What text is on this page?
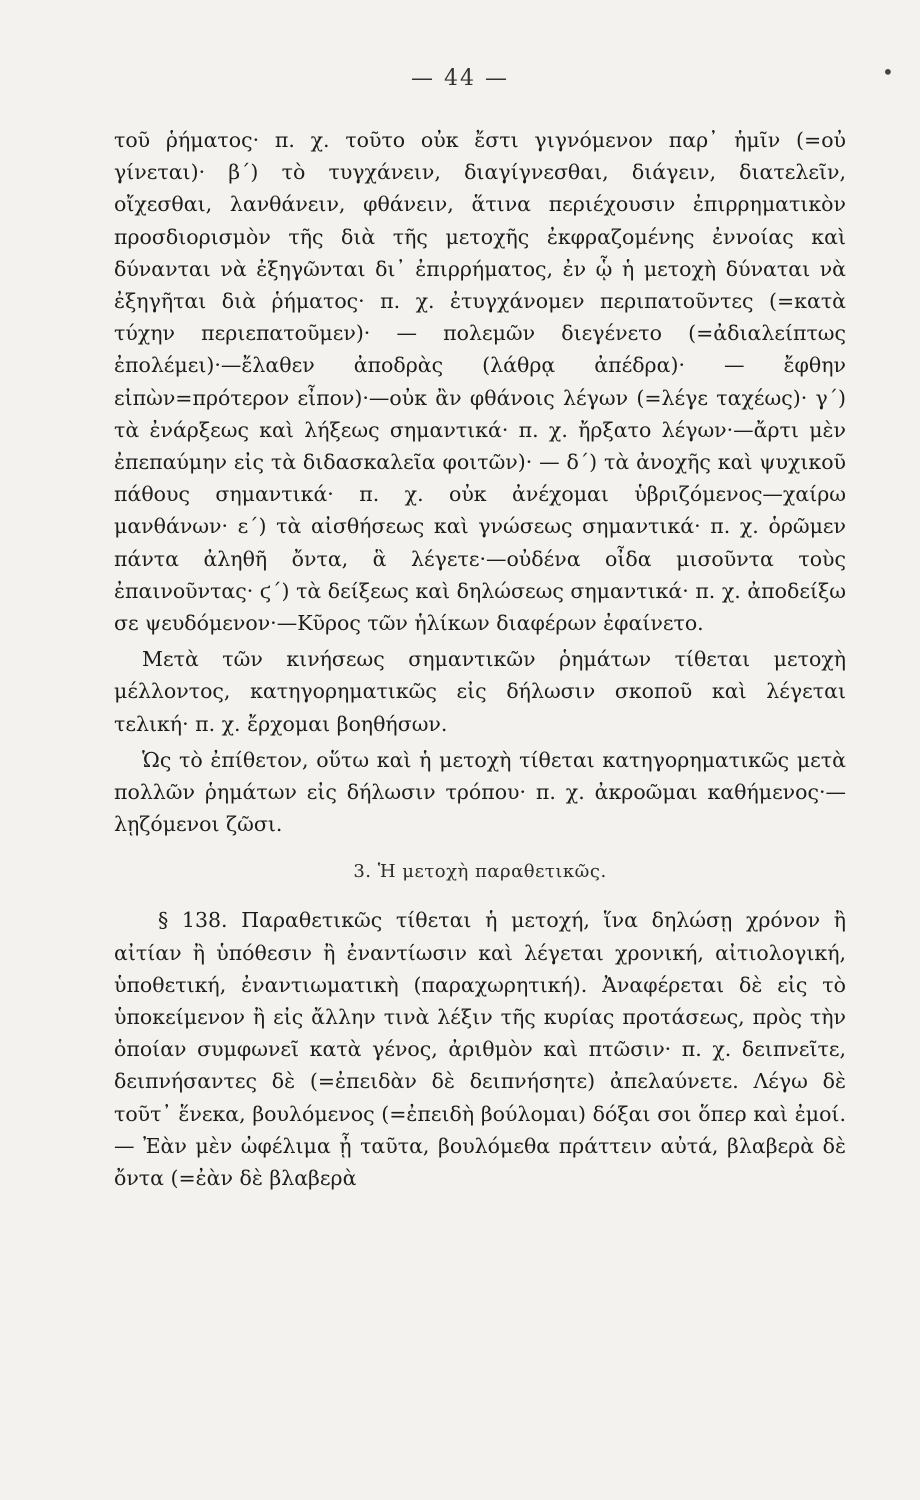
— 44 —	•

τοῦ ῥήματος· π. χ. τοῦτο οὐκ ἔστι γιγνόμενον παρ᾽ ἡμῖν (=οὐ γίνεται)· β΄) τὸ τυγχάνειν, διαγίγνεσθαι, διάγειν, διατελεῖν, οἴχεσθαι, λανθάνειν, φθάνειν, ἅτινα περιέχουσιν ἐπιρρηματικὸν προσδιορισμὸν τῆς διὰ τῆς μετοχῆς ἐκφραζομένης ἐννοίας καὶ δύνανται νὰ ἐξηγῶνται δι᾽ ἐπιρρήματος, ἐν ᾧ ἡ μετοχὴ δύναται νὰ ἐξηγῆται διὰ ῥήματος· π. χ. ἐτυγχάνομεν περιπατοῦντες (=κατὰ τύχην περιεπατοῦμεν)· — πολεμῶν διεγένετο (=ἀδιαλείπτως ἐπολέμει)·—ἔλαθεν ἀποδρὰς (λάθρᾳ ἀπέδρα)· — ἔφθην εἰπὼν=πρότερον εἶπον)·—οὐκ ἂν φθάνοις λέγων (=λέγε ταχέως)· γ΄) τὰ ἐνάρξεως καὶ λήξεως σημαντικά· π. χ. ἤρξατο λέγων·—ἄρτι μὲν ἐπεπαύμην εἰς τὰ διδασκαλεῖα φοιτῶν)· — δ΄) τὰ ἀνοχῆς καὶ ψυχικοῦ πάθους σημαντικά· π. χ. οὐκ ἀνέχομαι ὑβριζόμενος—χαίρω μανθάνων· ε΄) τὰ αἰσθήσεως καὶ γνώσεως σημαντικά· π. χ. ὁρῶμεν πάντα ἀληθῆ ὄντα, ἃ λέγετε·—οὐδένα οἶδα μισοῦντα τοὺς ἐπαινοῦντας· ϛ΄) τὰ δείξεως καὶ δηλώσεως σημαντικά· π. χ. ἀποδείξω σε ψευδόμενον·—Κῦρος τῶν ἡλίκων διαφέρων ἐφαίνετο.

Μετὰ τῶν κινήσεως σημαντικῶν ῥημάτων τίθεται μετοχὴ μέλλοντος, κατηγορηματικῶς εἰς δήλωσιν σκοποῦ καὶ λέγεται τελική· π. χ. ἔρχομαι βοηθήσων.

Ὡς τὸ ἐπίθετον, οὕτω καὶ ἡ μετοχὴ τίθεται κατηγορηματικῶς μετὰ πολλῶν ῥημάτων εἰς δήλωσιν τρόπου· π. χ. ἀκροῶμαι καθήμενος·—λῃζόμενοι ζῶσι.

3. Ἡ μετοχὴ παραθετικῶς.

§ 138. Παραθετικῶς τίθεται ἡ μετοχή, ἵνα δηλώσῃ χρόνον ἢ αἰτίαν ἢ ὑπόθεσιν ἢ ἐναντίωσιν καὶ λέγεται χρονική, αἰτιολογική, ὑποθετική, ἐναντιωματικὴ (παραχωρητική). Ἀναφέρεται δὲ εἰς τὸ ὑποκείμενον ἢ εἰς ἄλλην τινὰ λέξιν τῆς κυρίας προτάσεως, πρὸς τὴν ὁποίαν συμφωνεῖ κατὰ γένος, ἀριθμὸν καὶ πτῶσιν· π. χ. δειπνεῖτε, δειπνήσαντες δὲ (=ἐπειδὰν δὲ δειπνήσητε) ἀπελαύνετε. Λέγω δὲ τοῦτ᾽ ἕνεκα, βουλόμενος (=ἐπειδὴ βούλομαι) δόξαι σοι ὅπερ καὶ ἐμοί. — Ἐὰν μὲν ὠφέλιμα ᾖ ταῦτα, βουλόμεθα πράττειν αὐτά, βλαβερὰ δὲ ὄντα (=ἐὰν δὲ βλαβερὰ
